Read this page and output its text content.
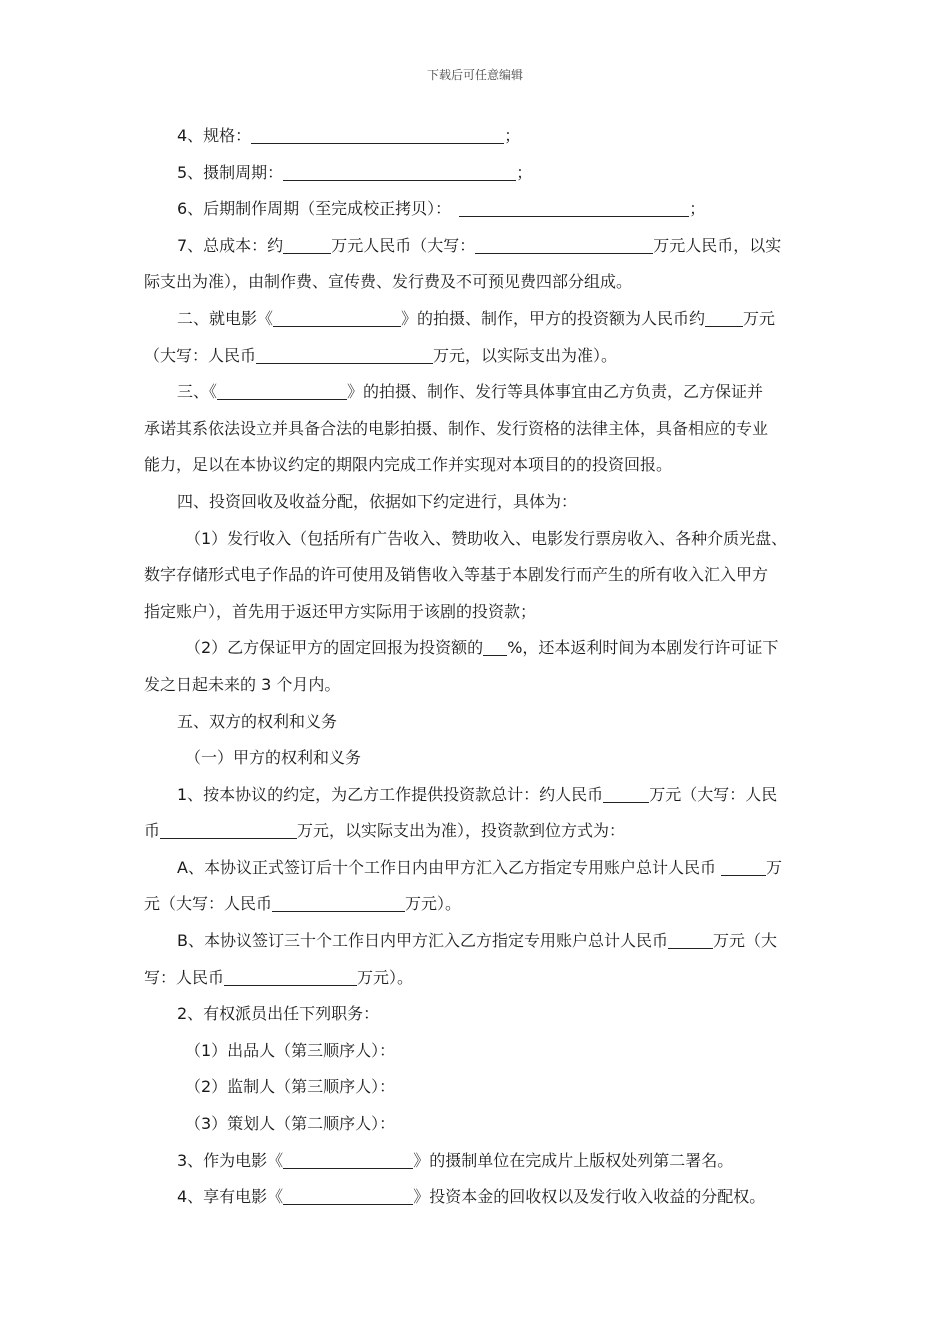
下载后可任意编辑
4、规格：	；
5、摄制周期：	；
6、后期制作周期（至完成校正拷贝）：　	；
7、总成本：约	万元人民币（大写：	万元人民币，以实
际支出为准），由制作费、宣传费、发行费及不可预见费四部分组成。
二、就电影《	》的拍摄、制作，甲方的投资额为人民币约 万元
（大写：人民币	万元，以实际支出为准）。
三、《	》的拍摄、制作、发行等具体事宜由乙方负责，乙方保证并
承诺其系依法设立并具备合法的电影拍摄、制作、发行资格的法律主体，具备相应的专业
能力，足以在本协议约定的期限内完成工作并实现对本项目的的投资回报。
四、投资回收及收益分配，依据如下约定进行，具体为：
（1）发行收入（包括所有广告收入、赞助收入、电影发行票房收入、各种介质光盘、
数字存储形式电子作品的许可使用及销售收入等基于本剧发行而产生的所有收入汇入甲方
指定账户），首先用于返还甲方实际用于该剧的投资款；
（2）乙方保证甲方的固定回报为投资额的 %，还本返利时间为本剧发行许可证下
发之日起未来的 3 个月内。
五、双方的权利和义务
（一）甲方的权利和义务
1、按本协议的约定，为乙方工作提供投资款总计：约人民币	万元（大写：人民
币	万元，以实际支出为准），投资款到位方式为：
A、本协议正式签订后十个工作日内由甲方汇入乙方指定专用账户总计人民币	万
元（大写：人民币	万元）。
B、本协议签订三十个工作日内甲方汇入乙方指定专用账户总计人民币	万元（大
写：人民币	万元）。
2、有权派员出任下列职务：
（1）出品人（第三顺序人）：
（2）监制人（第三顺序人）：
（3）策划人（第二顺序人）：
3、作为电影《	》的摄制单位在完成片上版权处列第二署名。
4、享有电影《	》投资本金的回收权以及发行收入收益的分配权。
